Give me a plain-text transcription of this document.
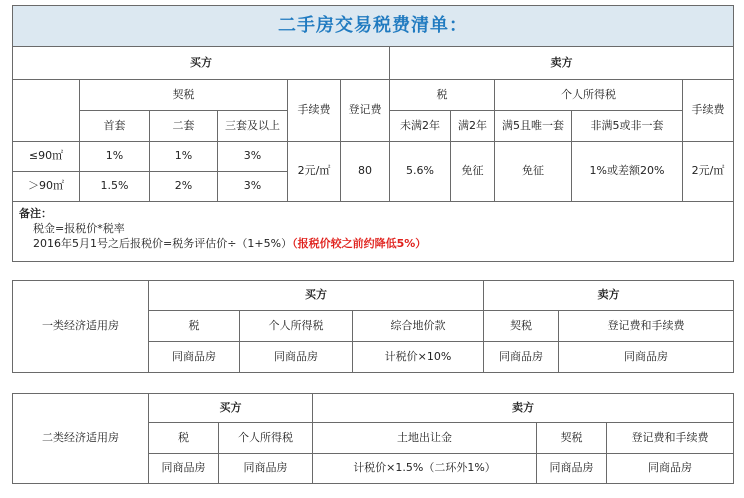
二手房交易税费清单：										
买方						卖方				
	契税			手续费	登记费	税		个人所得税		手续费
	首套	二套	三套及以上			未满2年	满2年	满5且唯一套	非满5或非一套	
≤90㎡	1%	1%	3%	2元/㎡	80	5.6%	免征	免征	1%或差额20%	2元/㎡
＞90㎡	1.5%	2%	3%							

备注：
税金=报税价*税率
2016年5月1号之后报税价=税务评估价÷（1+5%）（报税价较之前约降低5%）										
一类经济适用房	买方			卖方	
	税	个人所得税	综合地价款	契税	登记费和手续费
	同商品房	同商品房	计税价×10%	同商品房	同商品房
二类经济适用房	买方		卖方		
	税	个人所得税	土地出让金	契税	登记费和手续费
	同商品房	同商品房	计税价×1.5%（二环外1%）	同商品房	同商品房
